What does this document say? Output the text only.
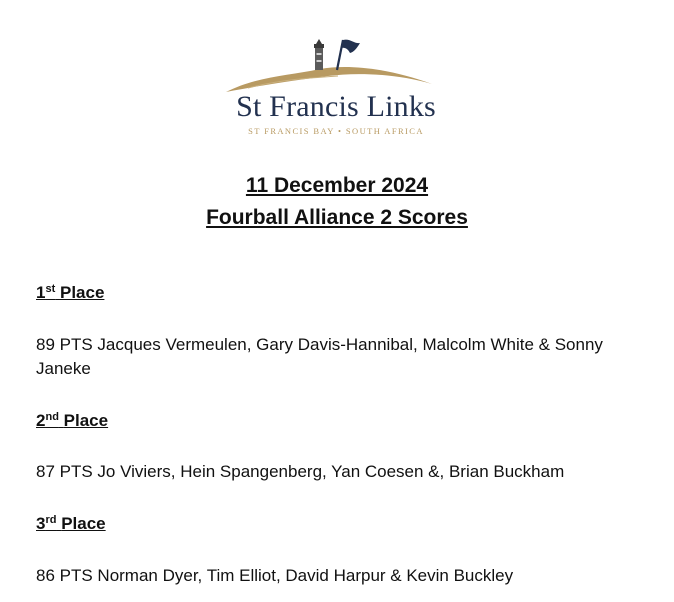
St Francis Links
ST FRANCIS BAY • SOUTH AFRICA
11 December 2024
Fourball Alliance 2 Scores
1st Place
89 PTS Jacques Vermeulen, Gary Davis-Hannibal, Malcolm White & Sonny Janeke
2nd Place
87 PTS Jo Viviers, Hein Spangenberg, Yan Coesen &, Brian Buckham
3rd Place
86 PTS Norman Dyer, Tim Elliot, David Harpur & Kevin Buckley
